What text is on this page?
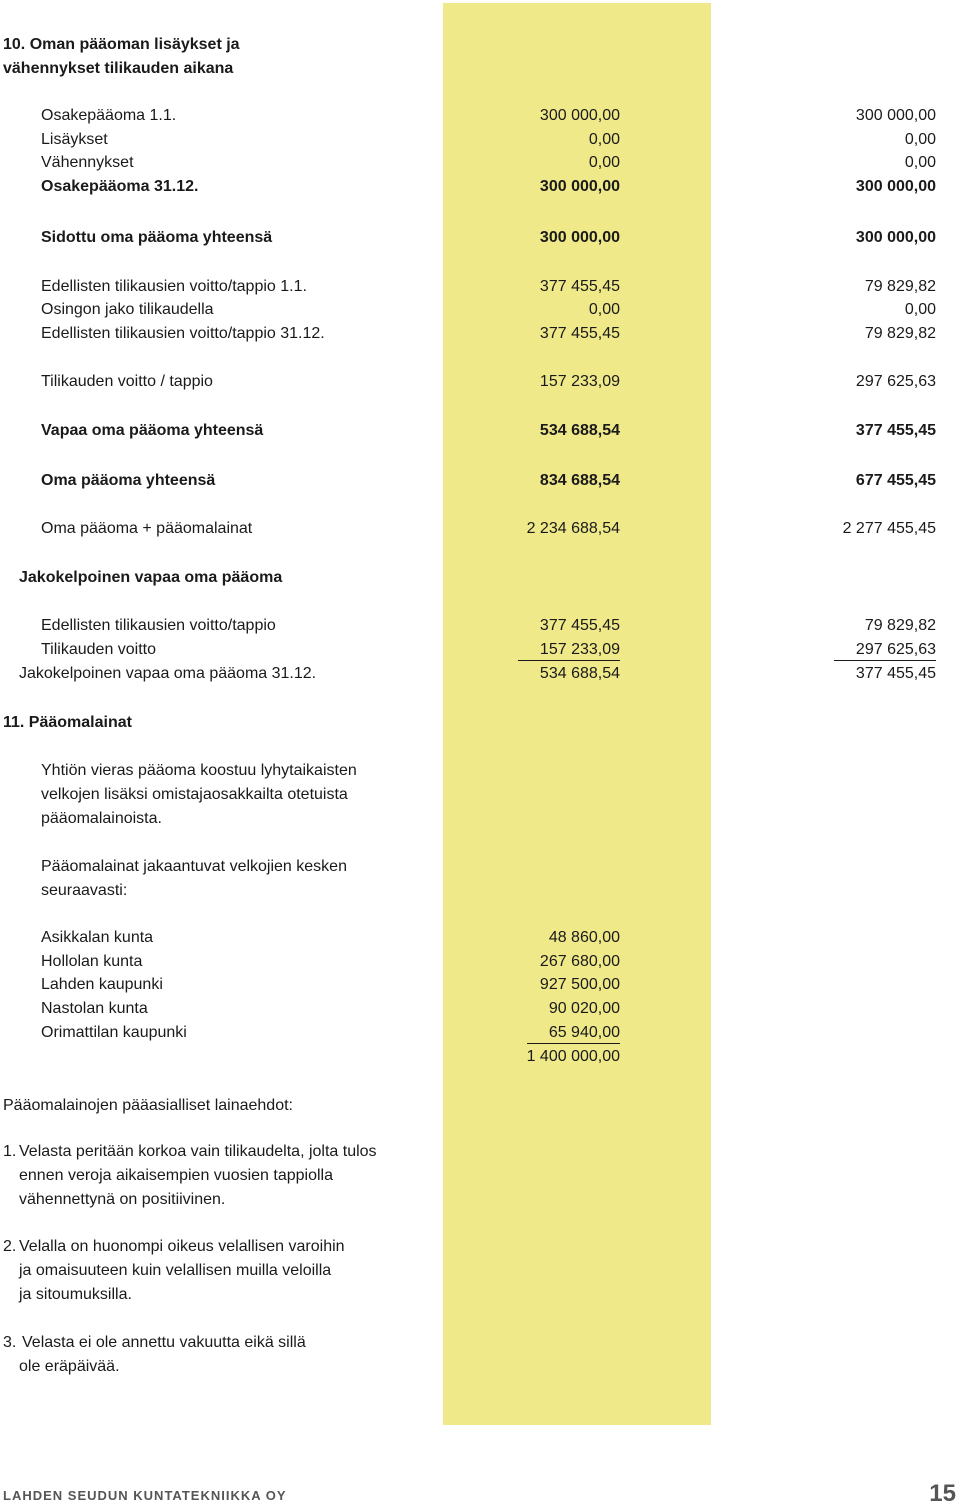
10. Oman pääoman lisäykset ja
vähennykset tilikauden aikana
Osakepääoma 1.1.	300 000,00	300 000,00
Lisäykset	0,00	0,00
Vähennykset	0,00	0,00
Osakepääoma 31.12.	300 000,00	300 000,00
Sidottu oma pääoma yhteensä	300 000,00	300 000,00
Edellisten tilikausien voitto/tappio 1.1.	377 455,45	79 829,82
Osingon jako tilikaudella	0,00	0,00
Edellisten tilikausien voitto/tappio 31.12.	377 455,45	79 829,82
Tilikauden voitto / tappio	157 233,09	297 625,63
Vapaa oma pääoma yhteensä	534 688,54	377 455,45
Oma pääoma yhteensä	834 688,54	677 455,45
Oma pääoma + pääomalainat	2 234 688,54	2 277 455,45
Jakokelpoinen vapaa oma pääoma
Edellisten tilikausien voitto/tappio	377 455,45	79 829,82
Tilikauden voitto	157 233,09	297 625,63
Jakokelpoinen vapaa oma pääoma 31.12.	534 688,54	377 455,45
11. Pääomalainat
Yhtiön vieras pääoma koostuu lyhytaikaisten
velkojen lisäksi omistajaosakkailta otetuista
pääomalainoista.
Pääomalainat jakaantuvat velkojien kesken
seuraavasti:
Asikkalan kunta	48 860,00
Hollolan kunta	267 680,00
Lahden kaupunki	927 500,00
Nastolan kunta	90 020,00
Orimattilan kaupunki	65 940,00
1 400 000,00
Pääomalainojen pääasialliset lainaehdot:
1. Velasta peritään korkoa vain tilikaudelta, jolta tulos
ennen veroja aikaisempien vuosien tappiolla
vähennettynä on positiivinen.
2. Velalla on huonompi oikeus velallisen varoihin
ja omaisuuteen kuin velallisen muilla veloilla
ja sitoumuksilla.
3. Velasta ei ole annettu vakuutta eikä sillä
ole eräpäivää.
LAHDEN SEUDUN KUNTATEKNIIKKA OY	15
